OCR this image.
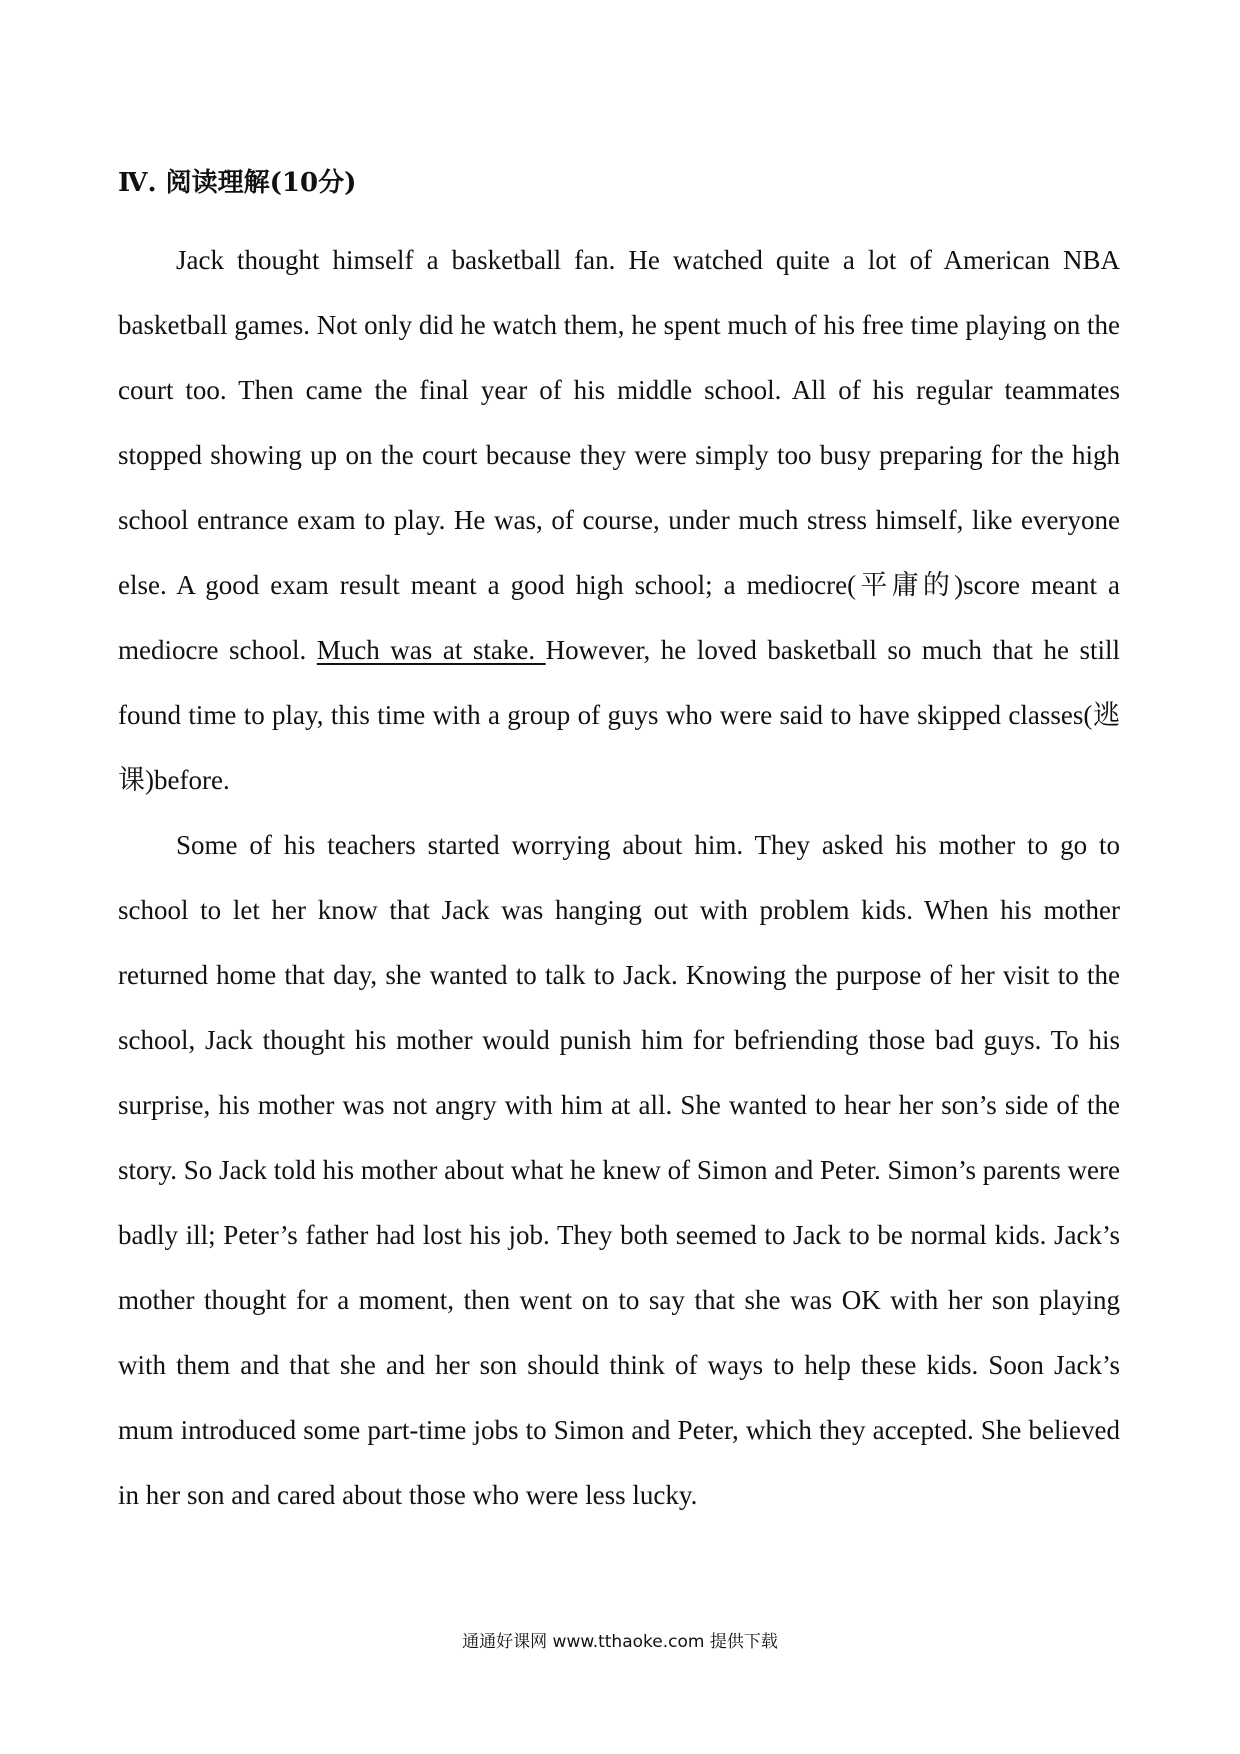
Ⅳ. 阅读理解(10分)

Jack thought himself a basketball fan. He watched quite a lot of American NBA basketball games. Not only did he watch them, he spent much of his free time playing on the court too. Then came the final year of his middle school. All of his regular teammates stopped showing up on the court because they were simply too busy preparing for the high school entrance exam to play. He was, of course, under much stress himself, like everyone else. A good exam result meant a good high school; a mediocre(平庸的)score meant a mediocre school. Much was at stake. However, he loved basketball so much that he still found time to play, this time with a group of guys who were said to have skipped classes(逃课)before.

Some of his teachers started worrying about him. They asked his mother to go to school to let her know that Jack was hanging out with problem kids. When his mother returned home that day, she wanted to talk to Jack. Knowing the purpose of her visit to the school, Jack thought his mother would punish him for befriending those bad guys. To his surprise, his mother was not angry with him at all. She wanted to hear her son’s side of the story. So Jack told his mother about what he knew of Simon and Peter. Simon’s parents were badly ill; Peter’s father had lost his job. They both seemed to Jack to be normal kids. Jack’s mother thought for a moment, then went on to say that she was OK with her son playing with them and that she and her son should think of ways to help these kids. Soon Jack’s mum introduced some part-time jobs to Simon and Peter, which they accepted. She believed in her son and cared about those who were less lucky.

通通好课网 www.tthaoke.com 提供下载
